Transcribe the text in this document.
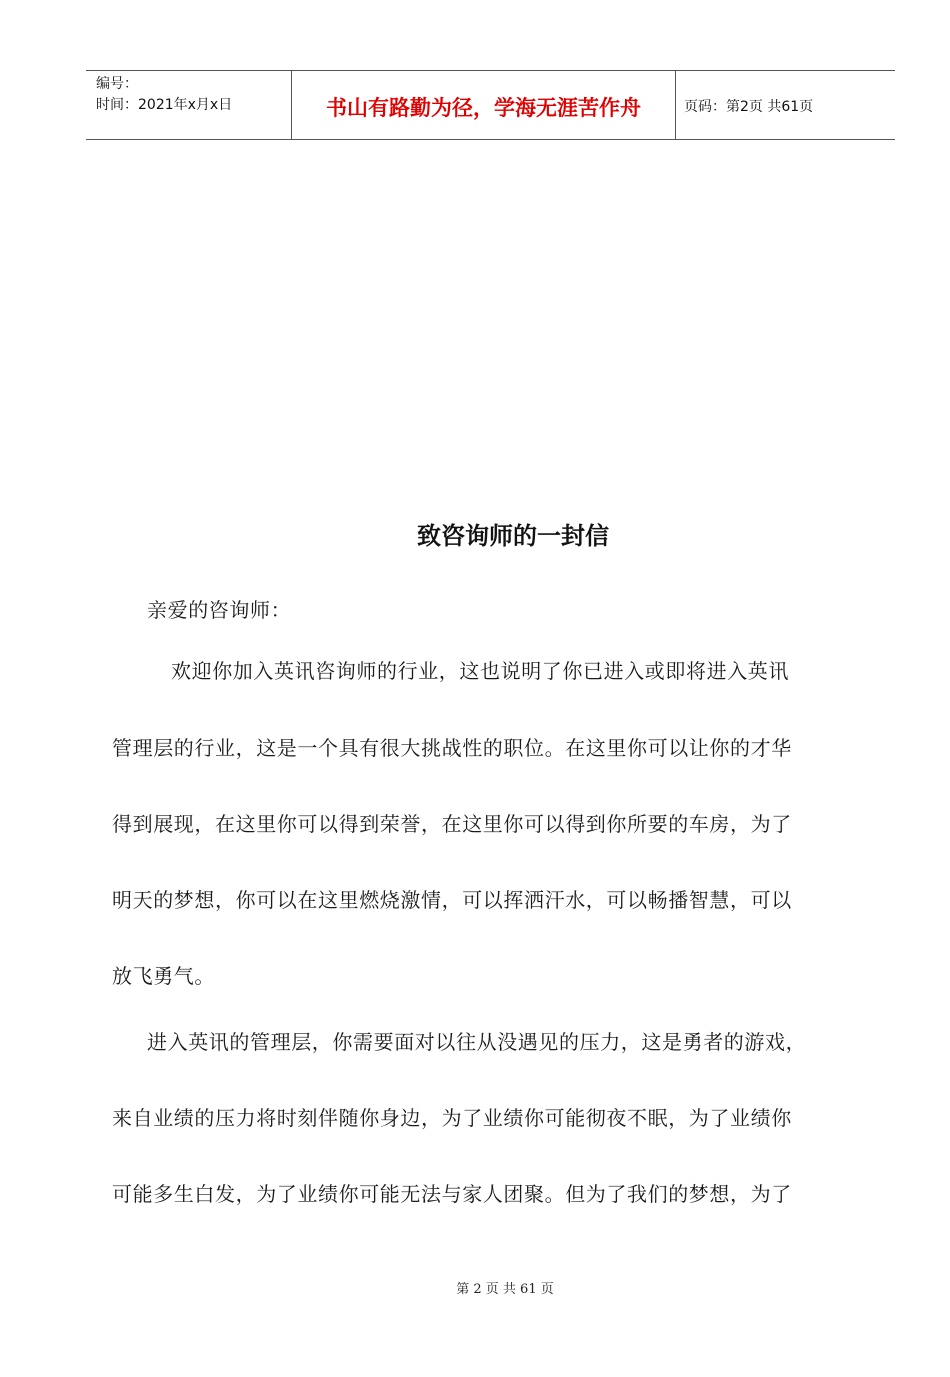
编号：
时间：2021年x月x日	书山有路勤为径，学海无涯苦作舟	页码：第2页 共61页
致咨询师的一封信
亲爱的咨询师：
欢迎你加入英讯咨询师的行业，这也说明了你已进入或即将进入英讯
管理层的行业，这是一个具有很大挑战性的职位。在这里你可以让你的才华
得到展现，在这里你可以得到荣誉，在这里你可以得到你所要的车房，为了
明天的梦想，你可以在这里燃烧激情，可以挥洒汗水，可以畅播智慧，可以
放飞勇气。
进入英讯的管理层，你需要面对以往从没遇见的压力，这是勇者的游戏，
来自业绩的压力将时刻伴随你身边，为了业绩你可能彻夜不眠，为了业绩你
可能多生白发，为了业绩你可能无法与家人团聚。但为了我们的梦想，为了
第 2 页 共 61 页
